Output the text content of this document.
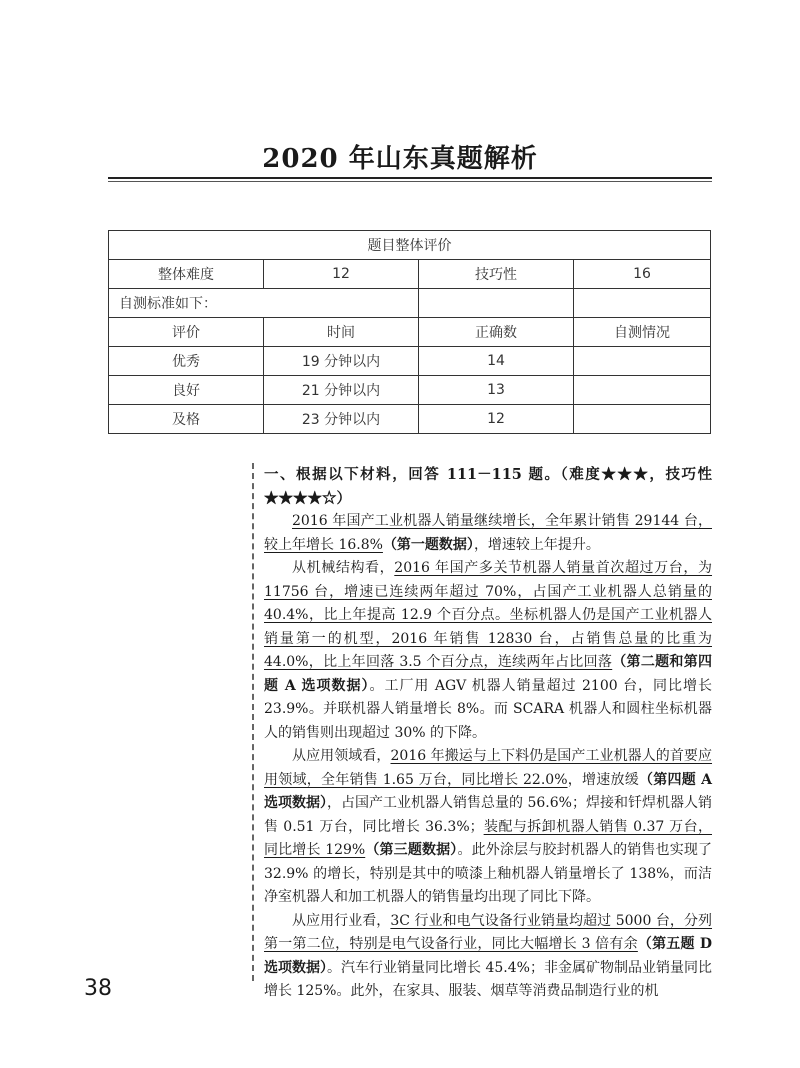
2020 年山东真题解析
题目整体评价			
整体难度	12	技巧性	16
自测标准如下：			
评价	时间	正确数	自测情况
优秀	19 分钟以内	14	
良好	21 分钟以内	13	
及格	23 分钟以内	12	

一、根据以下材料，回答 111－115 题。（难度★★★，技巧性★★★★☆）

2016 年国产工业机器人销量继续增长，全年累计销售 29144 台，较上年增长 16.8%（第一题数据），增速较上年提升。

从机械结构看，2016 年国产多关节机器人销量首次超过万台，为 11756 台，增速已连续两年超过 70%，占国产工业机器人总销量的 40.4%，比上年提高 12.9 个百分点。坐标机器人仍是国产工业机器人销量第一的机型，2016 年销售 12830 台，占销售总量的比重为 44.0%，比上年回落 3.5 个百分点，连续两年占比回落（第二题和第四题 A 选项数据）。工厂用 AGV 机器人销量超过 2100 台，同比增长 23.9%。并联机器人销量增长 8%。而 SCARA 机器人和圆柱坐标机器人的销售则出现超过 30% 的下降。

从应用领域看，2016 年搬运与上下料仍是国产工业机器人的首要应用领域，全年销售 1.65 万台，同比增长 22.0%，增速放缓（第四题 A 选项数据），占国产工业机器人销售总量的 56.6%；焊接和钎焊机器人销售 0.51 万台，同比增长 36.3%；装配与拆卸机器人销售 0.37 万台，同比增长 129%（第三题数据）。此外涂层与胶封机器人的销售也实现了 32.9% 的增长，特别是其中的喷漆上釉机器人销量增长了 138%，而洁净室机器人和加工机器人的销售量均出现了同比下降。

从应用行业看，3C 行业和电气设备行业销量均超过 5000 台，分列第一第二位，特别是电气设备行业，同比大幅增长 3 倍有余（第五题 D 选项数据）。汽车行业销量同比增长 45.4%；非金属矿物制品业销量同比增长 125%。此外，在家具、服装、烟草等消费品制造行业的机

38
